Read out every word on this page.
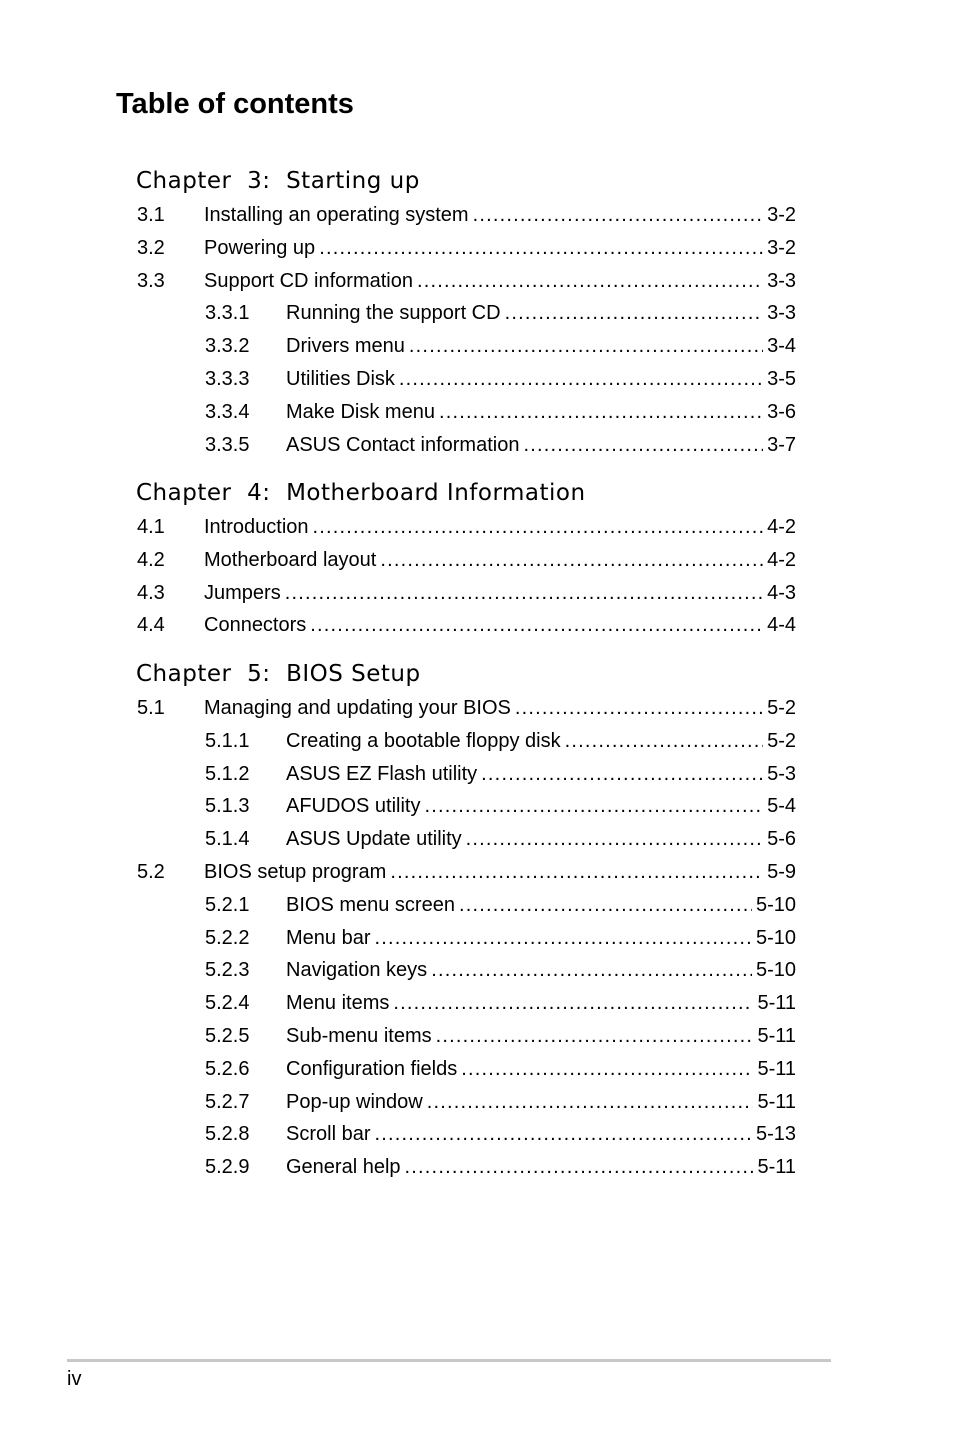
Table of contents
Chapter  3:  Starting up
3.1 Installing an operating system .....	3-2
3.2 Powering up .....	3-2
3.3 Support CD information .....	3-3
3.3.1 Running the support CD .....	3-3
3.3.2 Drivers menu .....	3-4
3.3.3 Utilities Disk .....	3-5
3.3.4 Make Disk menu .....	3-6
3.3.5 ASUS Contact information .....	3-7
Chapter  4:  Motherboard Information
4.1 Introduction .....	4-2
4.2 Motherboard layout .....	4-2
4.3 Jumpers .....	4-3
4.4 Connectors .....	4-4
Chapter  5:  BIOS Setup
5.1 Managing and updating your BIOS .....	5-2
5.1.1 Creating a bootable floppy disk .....	5-2
5.1.2 ASUS EZ Flash utility .....	5-3
5.1.3 AFUDOS utility .....	5-4
5.1.4 ASUS Update utility .....	5-6
5.2 BIOS setup program .....	5-9
5.2.1 BIOS menu screen .....	5-10
5.2.2 Menu bar .....	5-10
5.2.3 Navigation keys .....	5-10
5.2.4 Menu items .....	5-11
5.2.5 Sub-menu items .....	5-11
5.2.6 Configuration fields .....	5-11
5.2.7 Pop-up window .....	5-11
5.2.8 Scroll bar .....	5-13
5.2.9 General help .....	5-11
iv
